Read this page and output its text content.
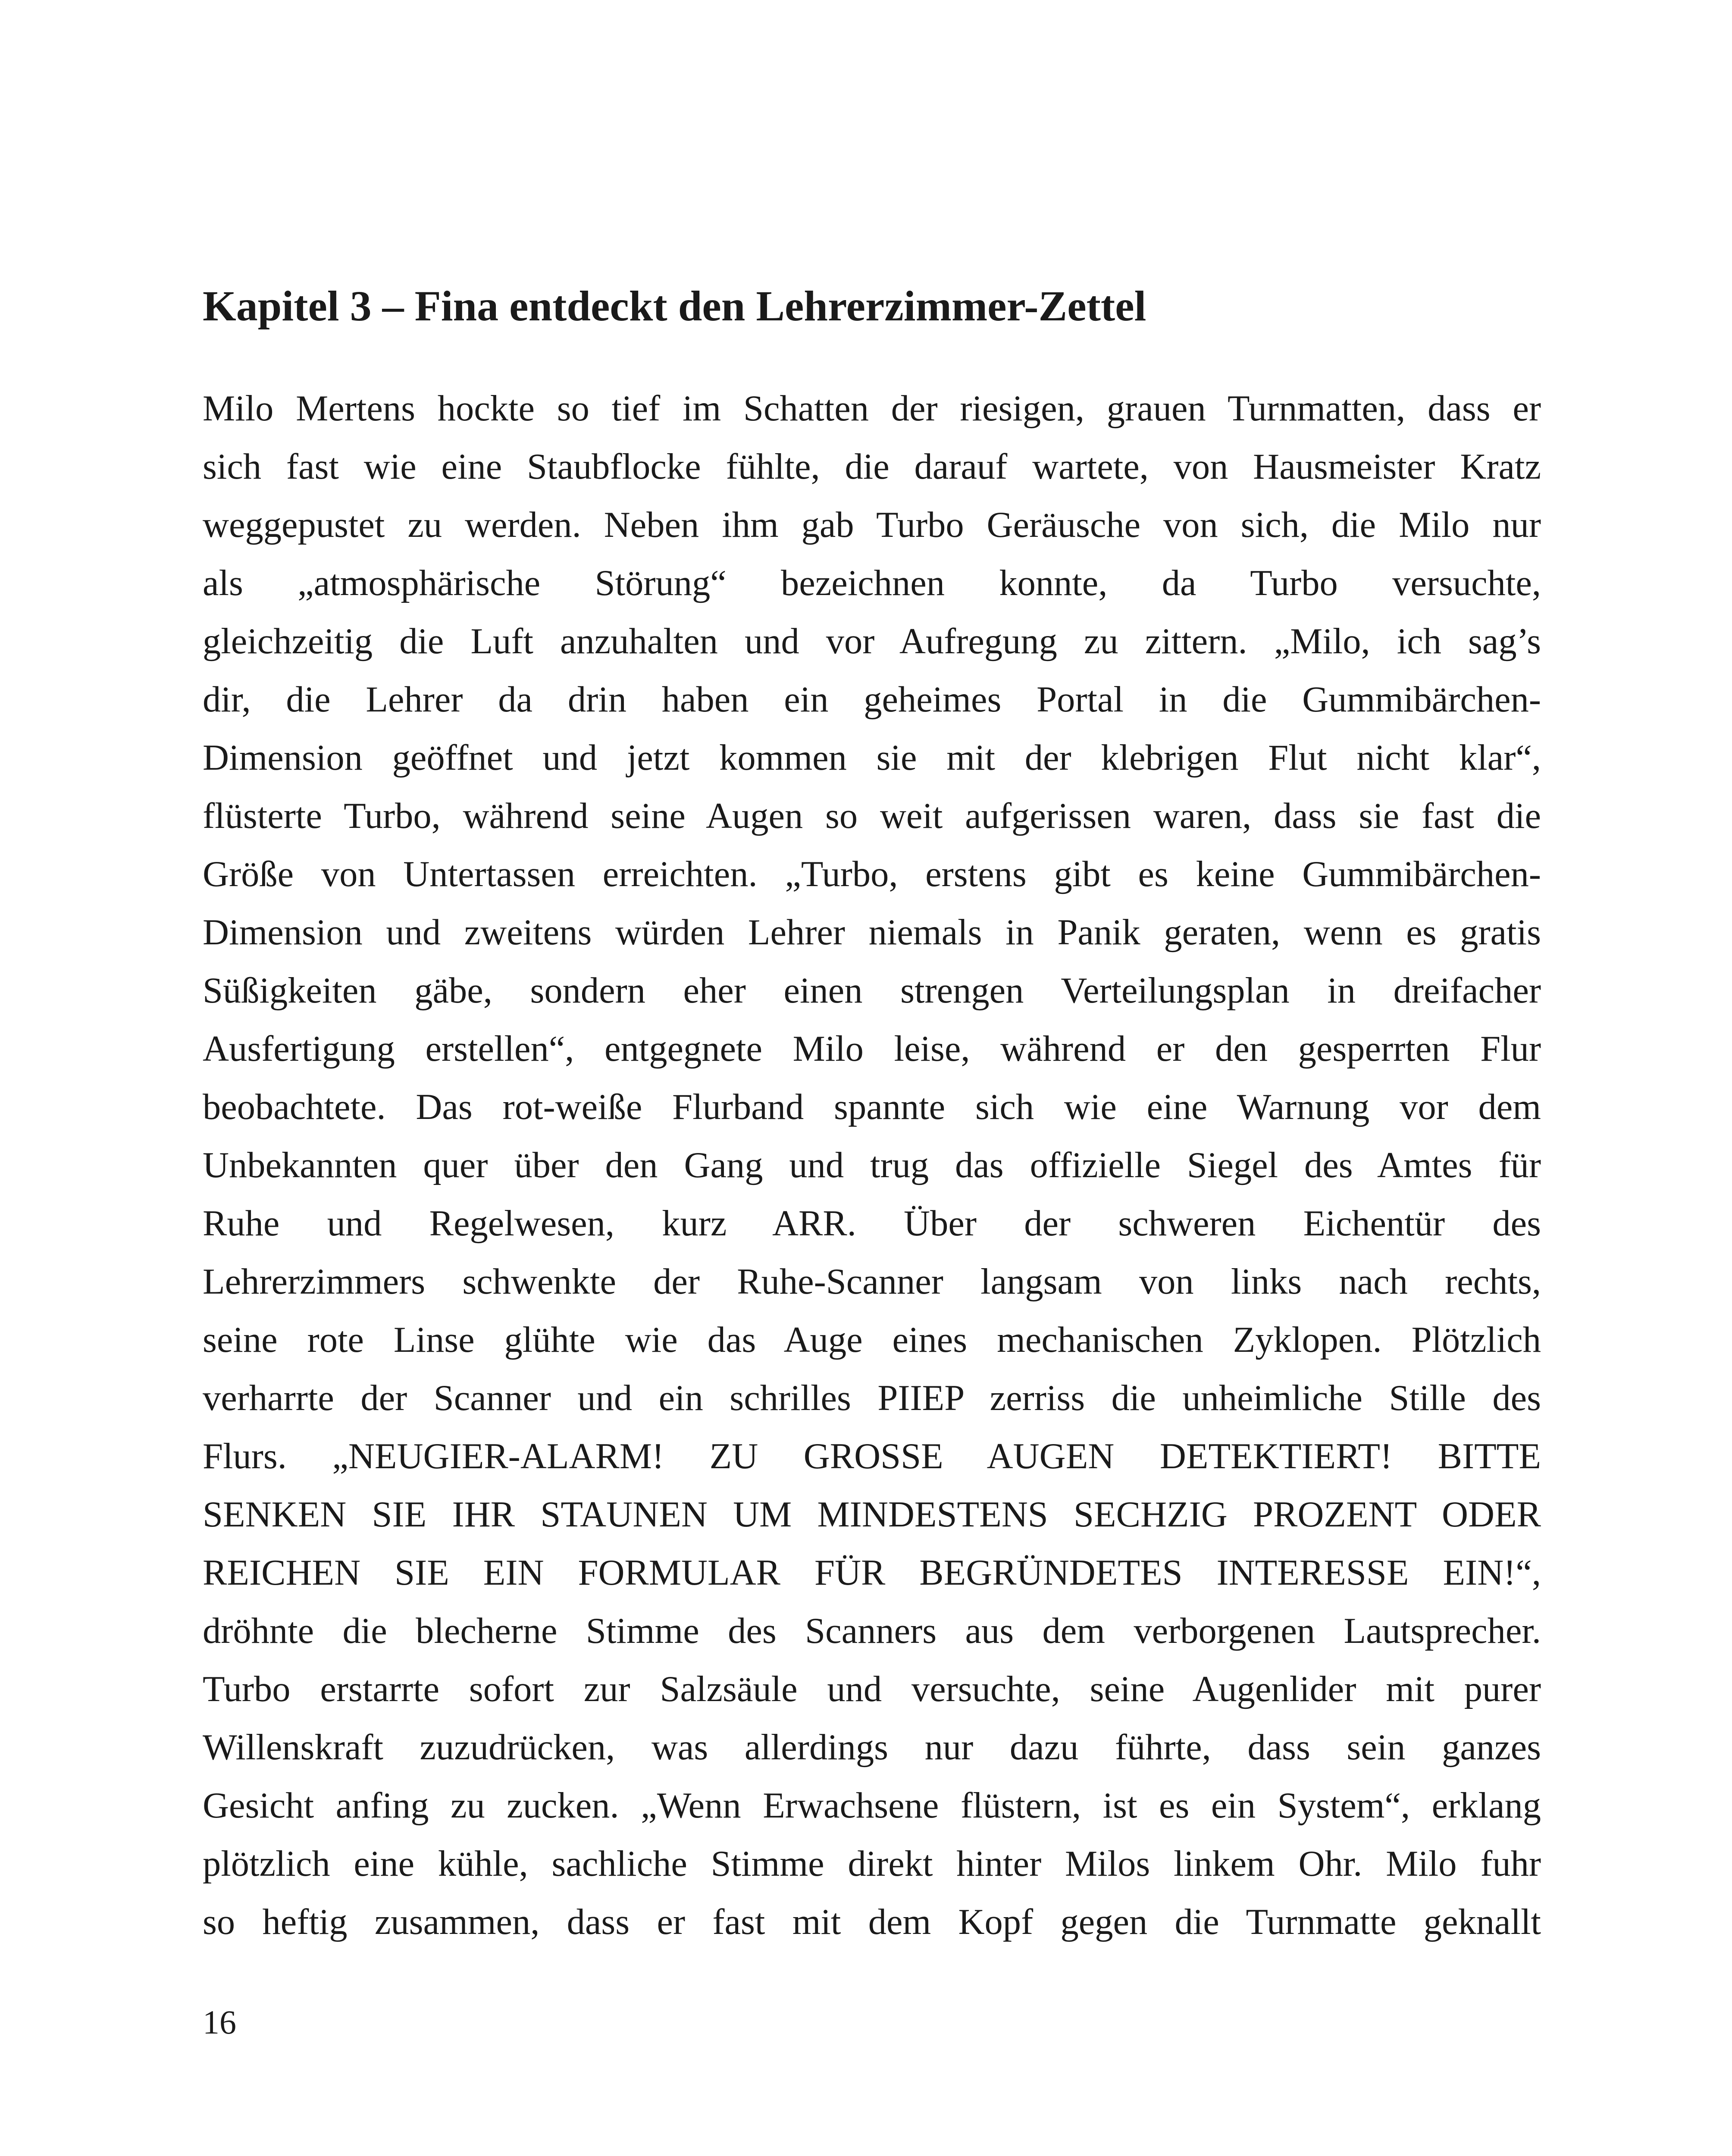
Kapitel 3 – Fina entdeckt den Lehrerzimmer-Zettel
Milo Mertens hockte so tief im Schatten der riesigen, grauen Turnmatten, dass er
sich fast wie eine Staubflocke fühlte, die darauf wartete, von Hausmeister Kratz
weggepustet zu werden. Neben ihm gab Turbo Geräusche von sich, die Milo nur
als „atmosphärische Störung“ bezeichnen konnte, da Turbo versuchte,
gleichzeitig die Luft anzuhalten und vor Aufregung zu zittern. „Milo, ich sag’s
dir, die Lehrer da drin haben ein geheimes Portal in die Gummibärchen-
Dimension geöffnet und jetzt kommen sie mit der klebrigen Flut nicht klar“,
flüsterte Turbo, während seine Augen so weit aufgerissen waren, dass sie fast die
Größe von Untertassen erreichten. „Turbo, erstens gibt es keine Gummibärchen-
Dimension und zweitens würden Lehrer niemals in Panik geraten, wenn es gratis
Süßigkeiten gäbe, sondern eher einen strengen Verteilungsplan in dreifacher
Ausfertigung erstellen“, entgegnete Milo leise, während er den gesperrten Flur
beobachtete. Das rot-weiße Flurband spannte sich wie eine Warnung vor dem
Unbekannten quer über den Gang und trug das offizielle Siegel des Amtes für
Ruhe und Regelwesen, kurz ARR. Über der schweren Eichentür des
Lehrerzimmers schwenkte der Ruhe-Scanner langsam von links nach rechts,
seine rote Linse glühte wie das Auge eines mechanischen Zyklopen. Plötzlich
verharrte der Scanner und ein schrilles PIIEP zerriss die unheimliche Stille des
Flurs. „NEUGIER-ALARM! ZU GROSSE AUGEN DETEKTIERT! BITTE
SENKEN SIE IHR STAUNEN UM MINDESTENS SECHZIG PROZENT ODER
REICHEN SIE EIN FORMULAR FÜR BEGRÜNDETES INTERESSE EIN!“,
dröhnte die blecherne Stimme des Scanners aus dem verborgenen Lautsprecher.
Turbo erstarrte sofort zur Salzsäule und versuchte, seine Augenlider mit purer
Willenskraft zuzudrücken, was allerdings nur dazu führte, dass sein ganzes
Gesicht anfing zu zucken. „Wenn Erwachsene flüstern, ist es ein System“, erklang
plötzlich eine kühle, sachliche Stimme direkt hinter Milos linkem Ohr. Milo fuhr
so heftig zusammen, dass er fast mit dem Kopf gegen die Turnmatte geknallt
16
